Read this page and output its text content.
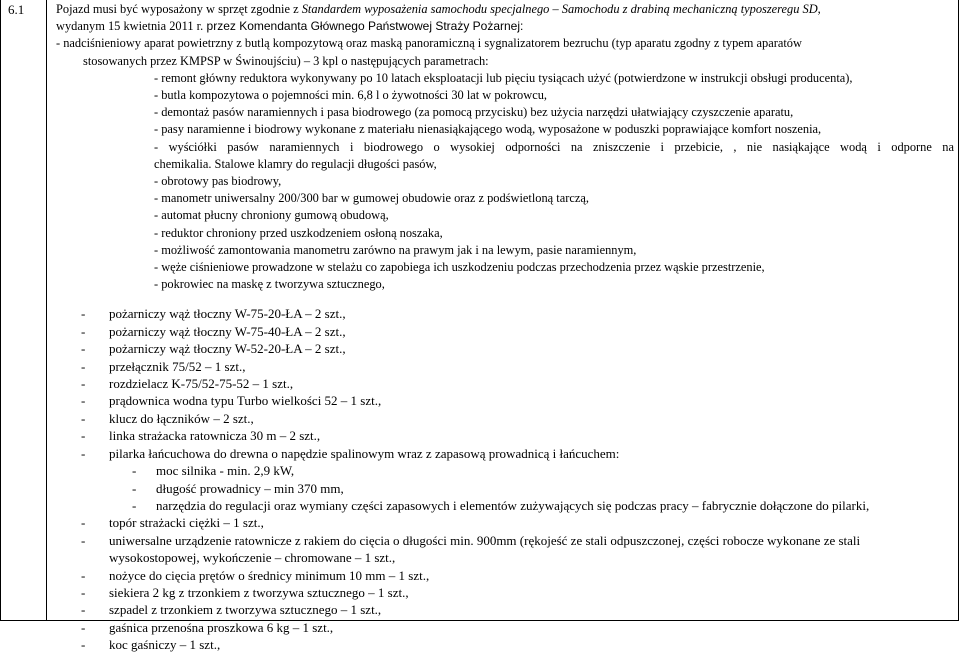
6.1	Pojazd musi być wyposażony w sprzęt zgodnie z Standardem wyposażenia samochodu specjalnego – Samochodu z drabiną mechaniczną typoszeregu SD,
wydanym 15 kwietnia 2011 r. przez Komendanta Głównego Państwowej Straży Pożarnej:
- nadciśnieniowy aparat powietrzny z butlą kompozytową oraz maską panoramiczną i sygnalizatorem bezruchu (typ aparatu zgodny z typem aparatów
stosowanych przez KMPSP w Świnoujściu) – 3 kpl o następujących parametrach:
- remont główny reduktora wykonywany po 10 latach eksploatacji lub pięciu tysiącach użyć (potwierdzone w instrukcji obsługi producenta),
- butla kompozytowa o pojemności min. 6,8 l o żywotności 30 lat w pokrowcu,
- demontaż pasów naramiennych i pasa biodrowego (za pomocą przycisku) bez użycia narzędzi ułatwiający czyszczenie aparatu,
- pasy naramienne i biodrowy wykonane z materiału nienasiąkającego wodą, wyposażone w poduszki poprawiające komfort noszenia,
- wyściółki pasów naramiennych i biodrowego o wysokiej odporności na zniszczenie i przebicie, , nie nasiąkające wodą i odporne na
chemikalia. Stalowe klamry do regulacji długości pasów,
- obrotowy pas biodrowy,
- manometr uniwersalny 200/300 bar w gumowej obudowie oraz z podświetloną tarczą,
- automat płucny chroniony gumową obudową,
- reduktor chroniony przed uszkodzeniem osłoną noszaka,
- możliwość zamontowania manometru zarówno na prawym jak i na lewym, pasie naramiennym,
- węże ciśnieniowe prowadzone w stelażu co zapobiega ich uszkodzeniu podczas przechodzenia przez wąskie przestrzenie,
- pokrowiec na maskę z tworzywa sztucznego,
-	pożarniczy wąż tłoczny W-75-20-ŁA – 2 szt.,
-	pożarniczy wąż tłoczny W-75-40-ŁA – 2 szt.,
-	pożarniczy wąż tłoczny W-52-20-ŁA – 2 szt.,
-	przełącznik 75/52 – 1 szt.,
-	rozdzielacz K-75/52-75-52 – 1 szt.,
-	prądownica wodna typu Turbo wielkości 52 – 1 szt.,
-	klucz do łączników – 2 szt.,
-	linka strażacka ratownicza 30 m – 2 szt.,
-	pilarka łańcuchowa do drewna o napędzie spalinowym wraz z zapasową prowadnicą i łańcuchem:
-	moc silnika - min. 2,9 kW,
-	długość prowadnicy – min 370 mm,
-	narzędzia do regulacji oraz wymiany części zapasowych i elementów zużywających się podczas pracy – fabrycznie dołączone do pilarki,
-	topór strażacki ciężki – 1 szt.,
-	uniwersalne urządzenie ratownicze z rakiem do cięcia o długości min. 900mm (rękojeść ze stali odpuszczonej, części robocze wykonane ze stali
wysokostopowej, wykończenie – chromowane – 1 szt.,
-	nożyce do cięcia prętów o średnicy minimum 10 mm – 1 szt.,
-	siekiera 2 kg z trzonkiem z tworzywa sztucznego – 1 szt.,
-	szpadel z trzonkiem z tworzywa sztucznego – 1 szt.,
-	gaśnica przenośna proszkowa 6 kg – 1 szt.,
-	koc gaśniczy – 1 szt.,
